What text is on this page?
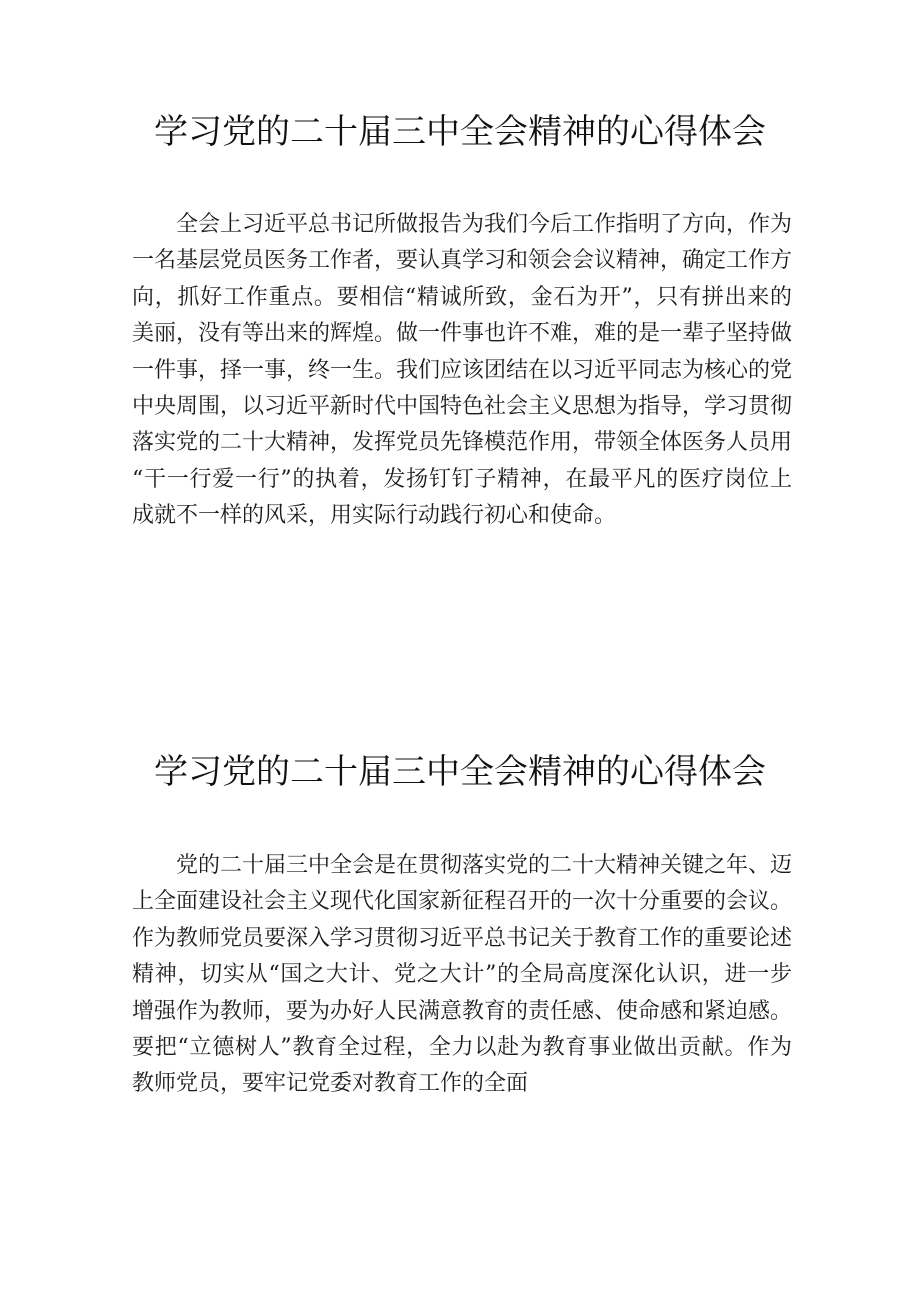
学习党的二十届三中全会精神的心得体会

全会上习近平总书记所做报告为我们今后工作指明了方向，作为一名基层党员医务工作者，要认真学习和领会会议精神，确定工作方向，抓好工作重点。要相信“精诚所致，金石为开”，只有拼出来的美丽，没有等出来的辉煌。做一件事也许不难，难的是一辈子坚持做一件事，择一事，终一生。我们应该团结在以习近平同志为核心的党中央周围，以习近平新时代中国特色社会主义思想为指导，学习贯彻落实党的二十大精神，发挥党员先锋模范作用，带领全体医务人员用“干一行爱一行”的执着，发扬钉钉子精神，在最平凡的医疗岗位上成就不一样的风采，用实际行动践行初心和使命。

学习党的二十届三中全会精神的心得体会

党的二十届三中全会是在贯彻落实党的二十大精神关键之年、迈上全面建设社会主义现代化国家新征程召开的一次十分重要的会议。作为教师党员要深入学习贯彻习近平总书记关于教育工作的重要论述精神，切实从“国之大计、党之大计”的全局高度深化认识，进一步增强作为教师，要为办好人民满意教育的责任感、使命感和紧迫感。要把“立德树人”教育全过程，全力以赴为教育事业做出贡献。作为教师党员，要牢记党委对教育工作的全面
